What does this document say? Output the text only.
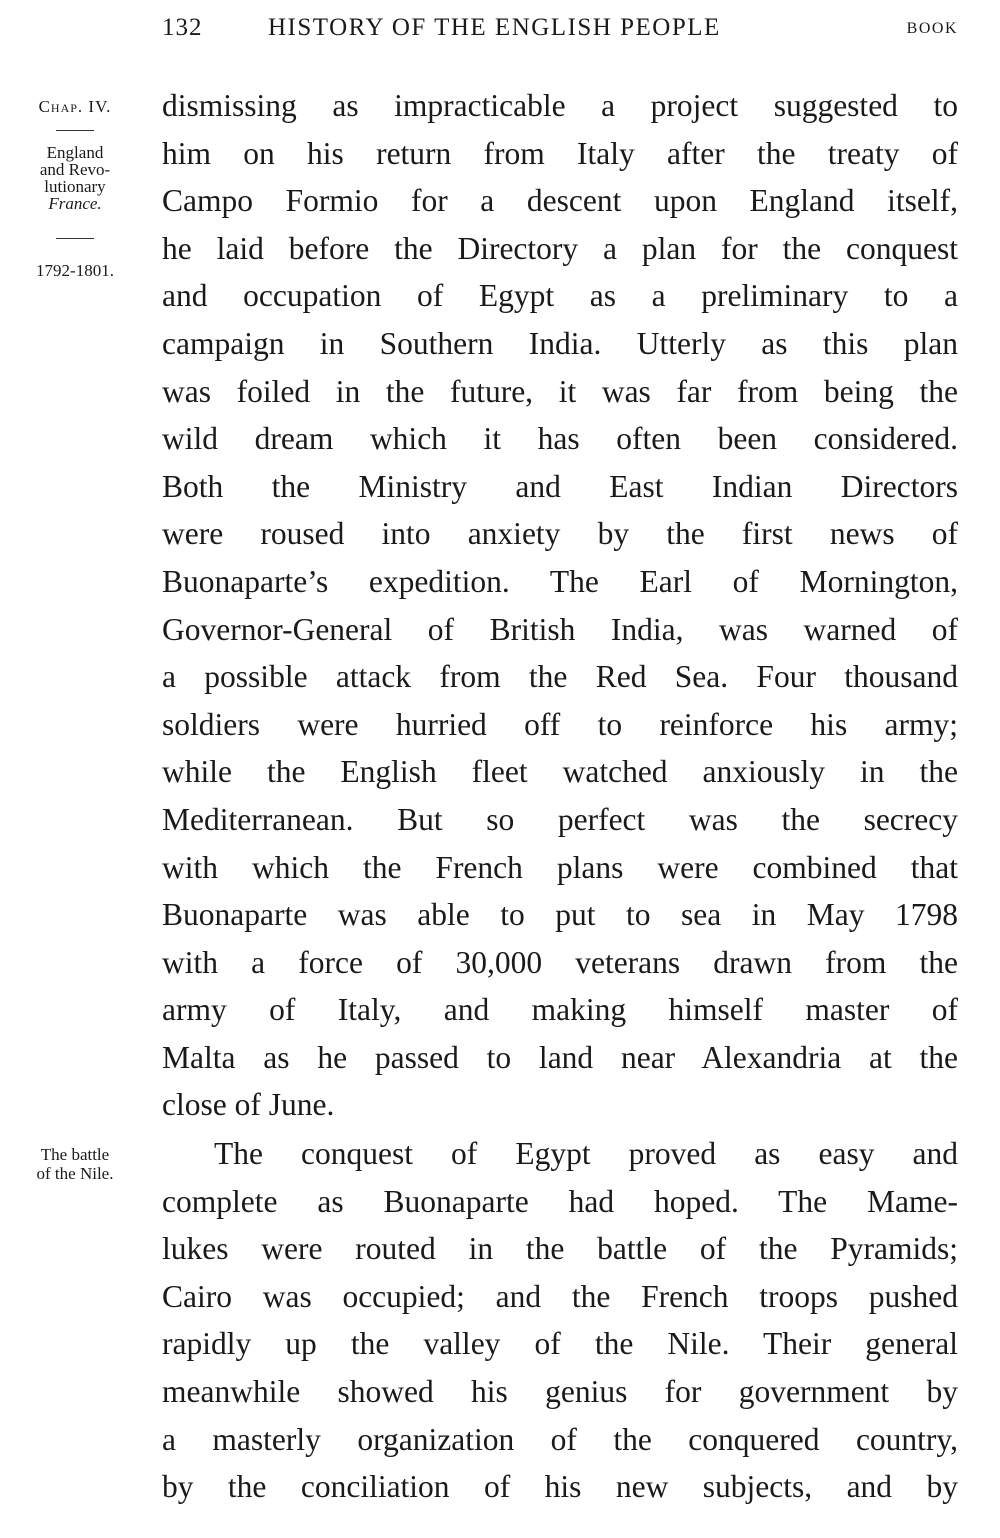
132	HISTORY OF THE ENGLISH PEOPLE	BOOK
Chap. IV.
England
and Revo-
lutionary
France.
1792-1801.
The battle
of the Nile.
dismissing as impracticable a project suggested to
him on his return from Italy after the treaty of
Campo Formio for a descent upon England itself,
he laid before the Directory a plan for the conquest
and occupation of Egypt as a preliminary to a
campaign in Southern India. Utterly as this plan
was foiled in the future, it was far from being the
wild dream which it has often been considered.
Both the Ministry and East Indian Directors
were roused into anxiety by the first news of
Buonaparte’s expedition. The Earl of Mornington,
Governor-General of British India, was warned of
a possible attack from the Red Sea. Four thousand
soldiers were hurried off to reinforce his army;
while the English fleet watched anxiously in the
Mediterranean. But so perfect was the secrecy
with which the French plans were combined that
Buonaparte was able to put to sea in May 1798
with a force of 30,000 veterans drawn from the
army of Italy, and making himself master of
Malta as he passed to land near Alexandria at the
close of June.
The conquest of Egypt proved as easy and
complete as Buonaparte had hoped. The Mame-
lukes were routed in the battle of the Pyramids;
Cairo was occupied; and the French troops pushed
rapidly up the valley of the Nile. Their general
meanwhile showed his genius for government by
a masterly organization of the conquered country,
by the conciliation of his new subjects, and by
